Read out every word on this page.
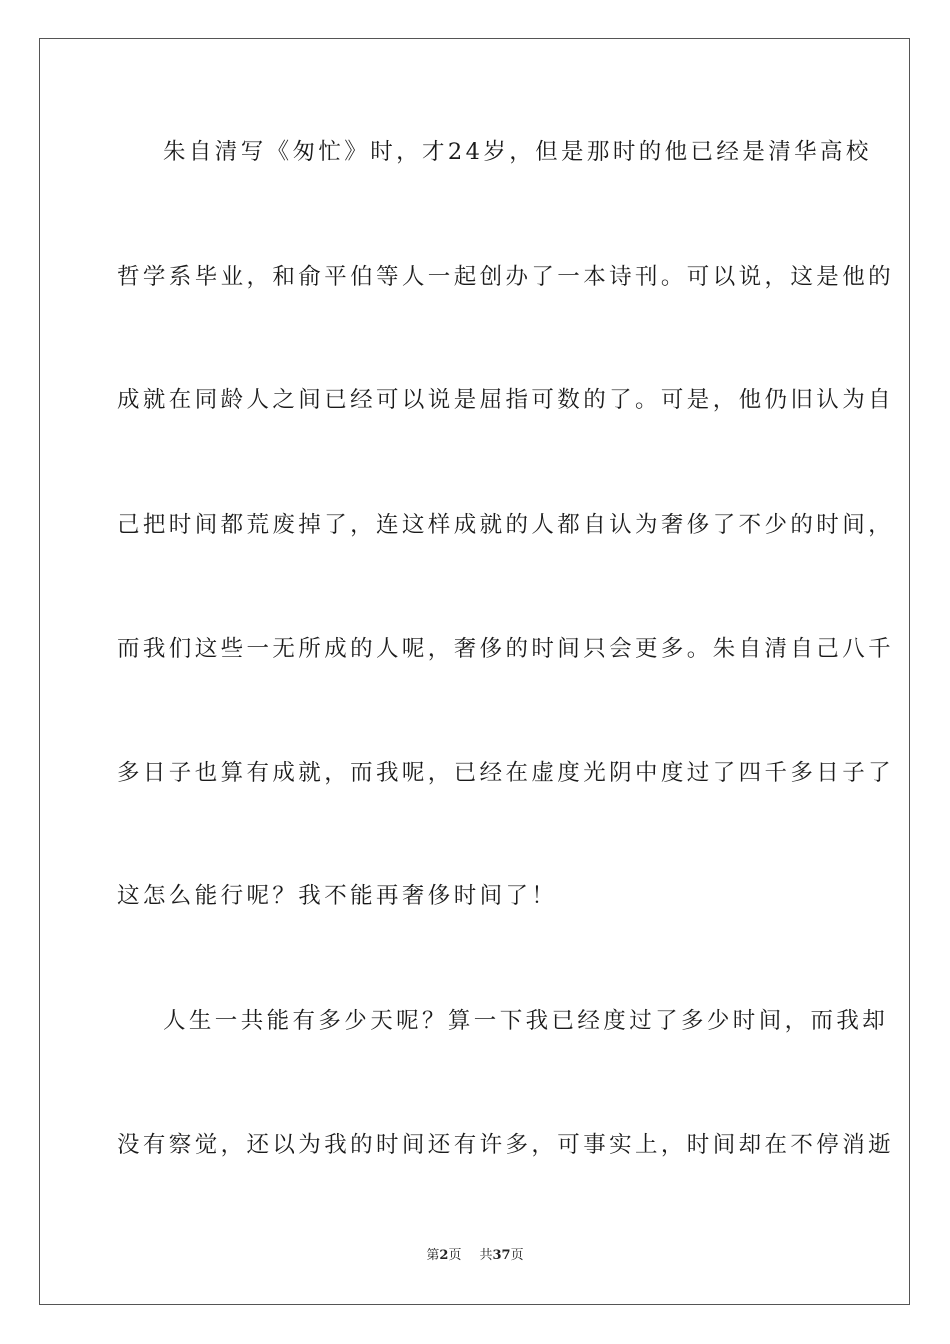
朱自清写《匆忙》时，才24岁，但是那时的他已经是清华高校
哲学系毕业，和俞平伯等人一起创办了一本诗刊。可以说，这是他的
成就在同龄人之间已经可以说是屈指可数的了。可是，他仍旧认为自
己把时间都荒废掉了，连这样成就的人都自认为奢侈了不少的时间，
而我们这些一无所成的人呢，奢侈的时间只会更多。朱自清自己八千
多日子也算有成就，而我呢，已经在虚度光阴中度过了四千多日子了
这怎么能行呢？我不能再奢侈时间了！
人生一共能有多少天呢？算一下我已经度过了多少时间，而我却
没有察觉，还以为我的时间还有许多，可事实上，时间却在不停消逝
第2页 共37页
